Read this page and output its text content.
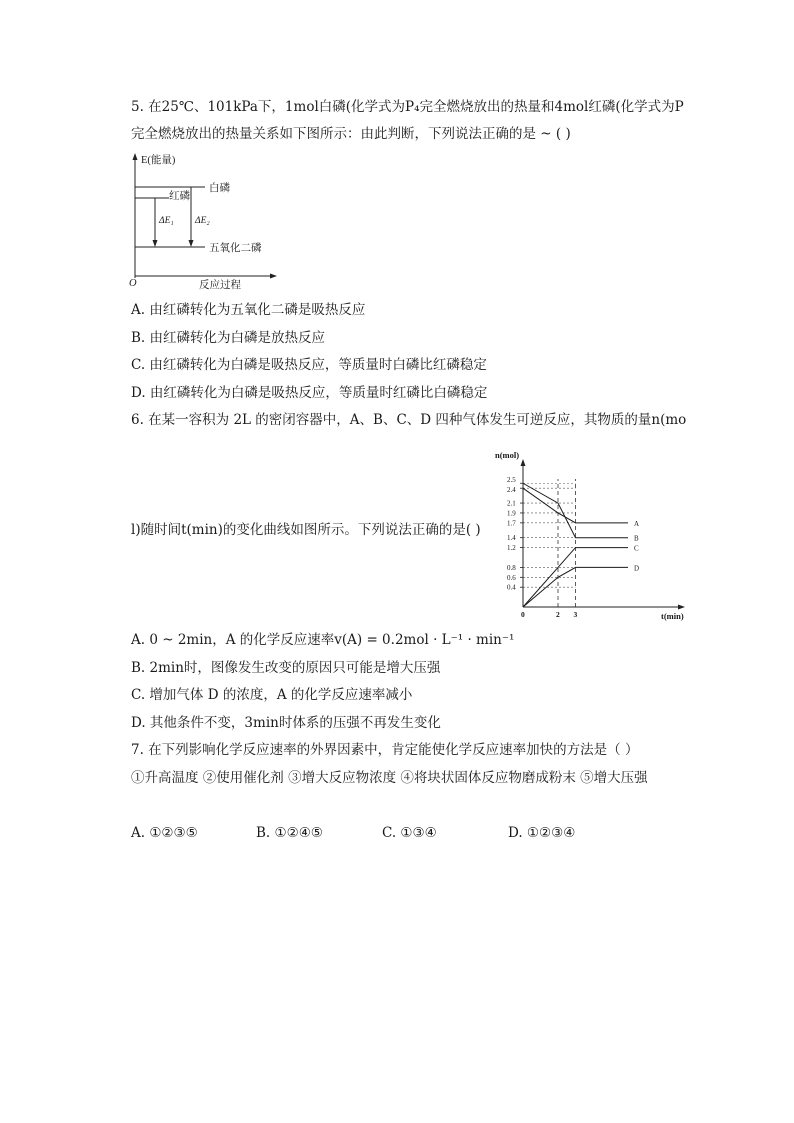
5. 在25℃、101kPa下，1mol白磷(化学式为P₄完全燃烧放出的热量和4mol红磷(化学式为P
完全燃烧放出的热量关系如下图所示：由此判断，下列说法正确的是 ~ ( )
E(能量)
O	反应过程
白磷
红磷
五氧化二磷
ΔE₁ ΔE₂
A. 由红磷转化为五氧化二磷是吸热反应
B. 由红磷转化为白磷是放热反应
C. 由红磷转化为白磷是吸热反应，等质量时白磷比红磷稳定
D. 由红磷转化为白磷是吸热反应，等质量时红磷比白磷稳定
6. 在某一容积为 2L 的密闭容器中，A、B、C、D 四种气体发生可逆反应，其物质的量n(mo
l)随时间t(min)的变化曲线如图所示。下列说法正确的是( )
2.5
2.4
2.1
1.9
1.7
1.4
1.2
0.8
0.6
0.4
0	2 3
A
B
C
D
n(mol)
t(min)
A. 0 ~ 2min，A 的化学反应速率v(A) = 0.2mol · L⁻¹ · min⁻¹
B. 2min时，图像发生改变的原因只可能是增大压强
C. 增加气体 D 的浓度，A 的化学反应速率减小
D. 其他条件不变，3min时体系的压强不再发生变化
7. 在下列影响化学反应速率的外界因素中，肯定能使化学反应速率加快的方法是（ ）
①升高温度 ②使用催化剂 ③增大反应物浓度 ④将块状固体反应物磨成粉末 ⑤增大压强
A. ①②③⑤	B. ①②④⑤	C. ①③④	D. ①②③④
